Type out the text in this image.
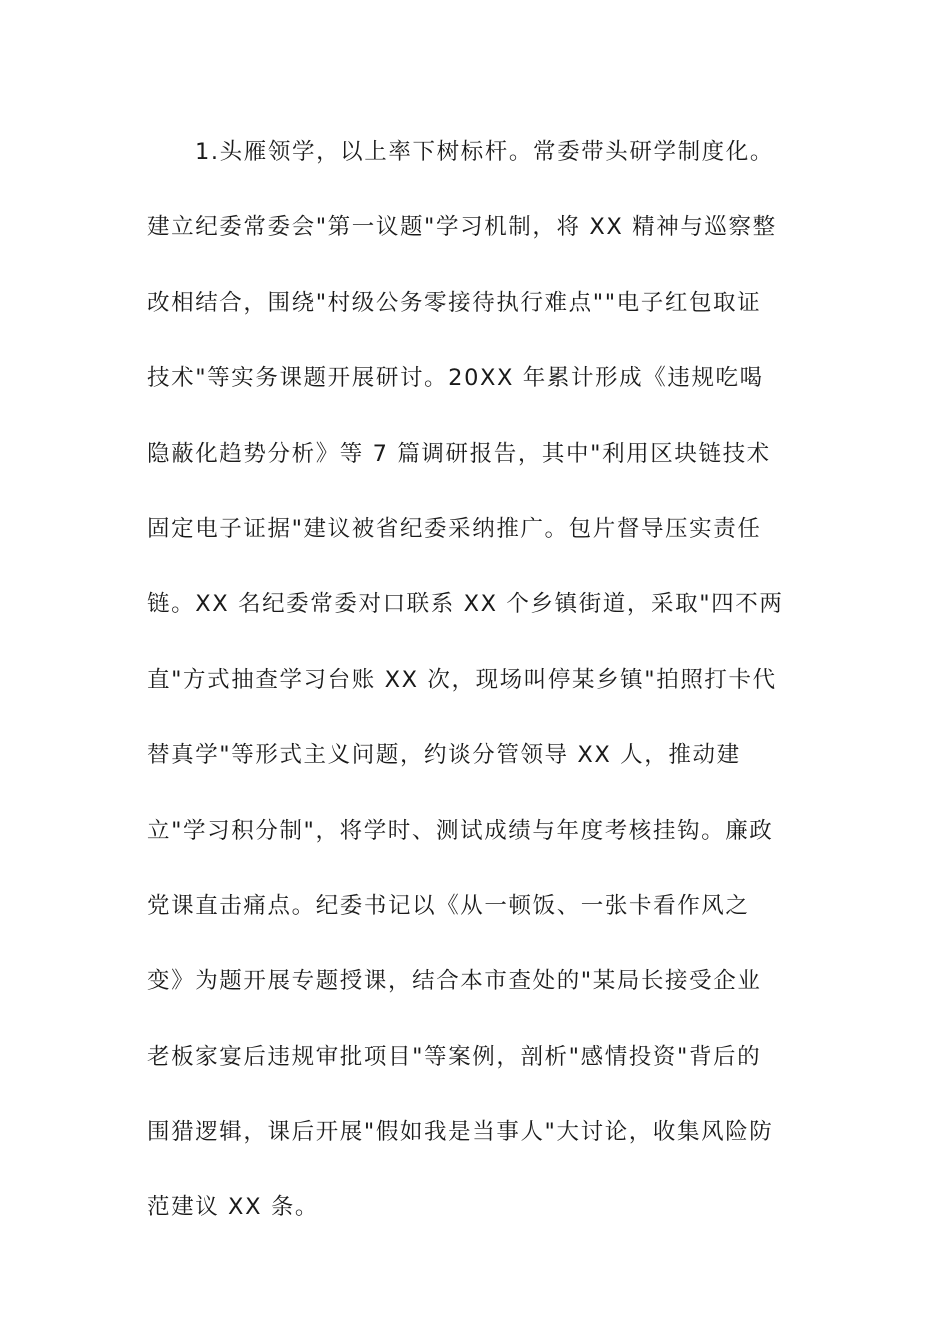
1.头雁领学，以上率下树标杆。常委带头研学制度化。
建立纪委常委会"第一议题"学习机制，将 XX 精神与巡察整
改相结合，围绕"村级公务零接待执行难点""电子红包取证
技术"等实务课题开展研讨。20XX 年累计形成《违规吃喝
隐蔽化趋势分析》等 7 篇调研报告，其中"利用区块链技术
固定电子证据"建议被省纪委采纳推广。包片督导压实责任
链。XX 名纪委常委对口联系 XX 个乡镇街道，采取"四不两
直"方式抽查学习台账 XX 次，现场叫停某乡镇"拍照打卡代
替真学"等形式主义问题，约谈分管领导 XX 人，推动建
立"学习积分制"，将学时、测试成绩与年度考核挂钩。廉政
党课直击痛点。纪委书记以《从一顿饭、一张卡看作风之
变》为题开展专题授课，结合本市查处的"某局长接受企业
老板家宴后违规审批项目"等案例，剖析"感情投资"背后的
围猎逻辑，课后开展"假如我是当事人"大讨论，收集风险防
范建议 XX 条。
